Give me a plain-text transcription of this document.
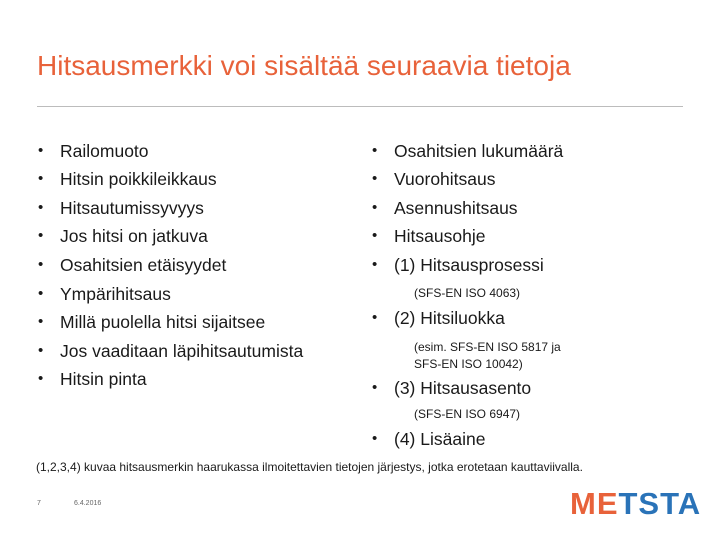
Hitsausmerkki voi sisältää seuraavia tietoja
• Railomuoto
• Hitsin poikkileikkaus
• Hitsautumissyvyys
• Jos hitsi on jatkuva
• Osahitsien etäisyydet
• Ympärihitsaus
• Millä puolella hitsi sijaitsee
• Jos vaaditaan läpihitsautumista
• Hitsin pinta
• Osahitsien lukumäärä
• Vuorohitsaus
• Asennushitsaus
• Hitsausohje
• (1) Hitsausprosessi
(SFS-EN ISO 4063)
• (2) Hitsiluokka
(esim. SFS-EN ISO 5817 ja
SFS-EN ISO 10042)
• (3) Hitsausasento
(SFS-EN ISO 6947)
• (4) Lisäaine
(1,2,3,4) kuvaa hitsausmerkin haarukassa ilmoitettavien tietojen järjestys, jotka erotetaan kauttaviivalla.
7	6.4.2016	METSTA
